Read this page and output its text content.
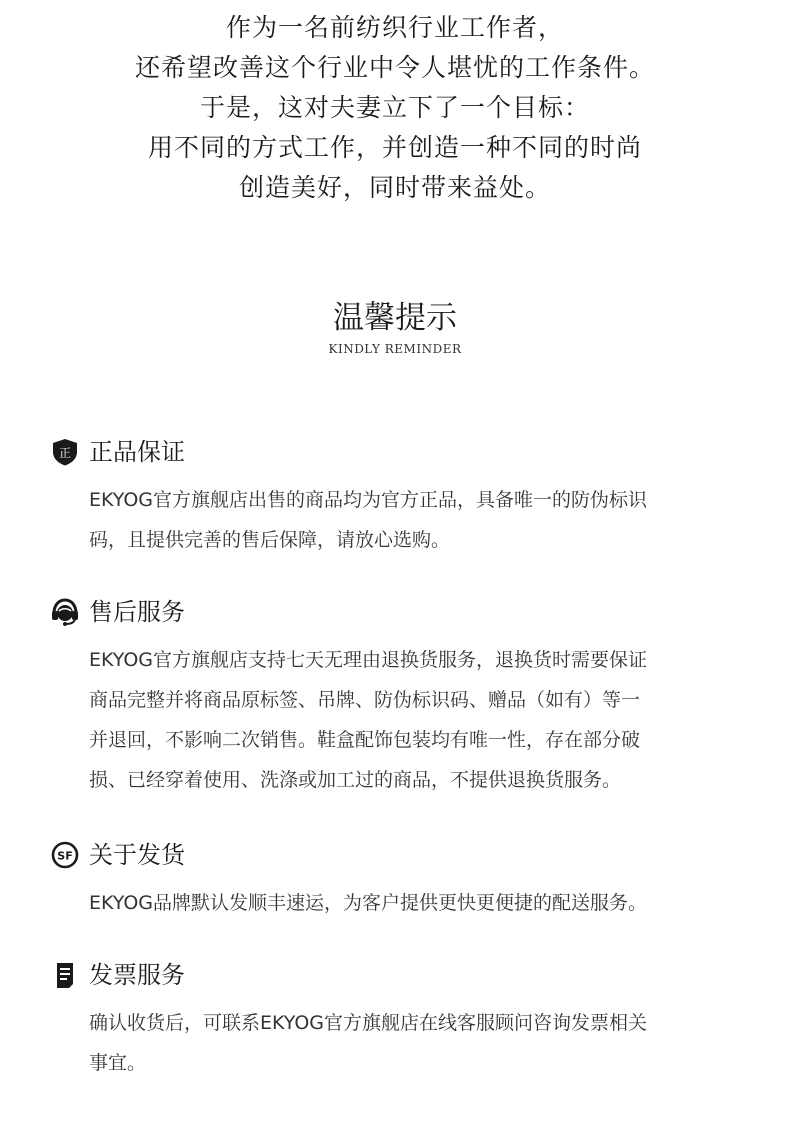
作为一名前纺织行业工作者，
还希望改善这个行业中令人堪忧的工作条件。
于是，这对夫妻立下了一个目标：
用不同的方式工作，并创造一种不同的时尚
创造美好，同时带来益处。
温馨提示
KINDLY REMINDER
正 正品保证
EKYOG官方旗舰店出售的商品均为官方正品，具备唯一的防伪标识
码，且提供完善的售后保障，请放心选购。
售后服务
EKYOG官方旗舰店支持七天无理由退换货服务，退换货时需要保证
商品完整并将商品原标签、吊牌、防伪标识码、赠品（如有）等一
并退回，不影响二次销售。鞋盒配饰包装均有唯一性，存在部分破
损、已经穿着使用、洗涤或加工过的商品，不提供退换货服务。
SF 关于发货
EKYOG品牌默认发顺丰速运，为客户提供更快更便捷的配送服务。
发票服务
确认收货后，可联系EKYOG官方旗舰店在线客服顾问咨询发票相关
事宜。
